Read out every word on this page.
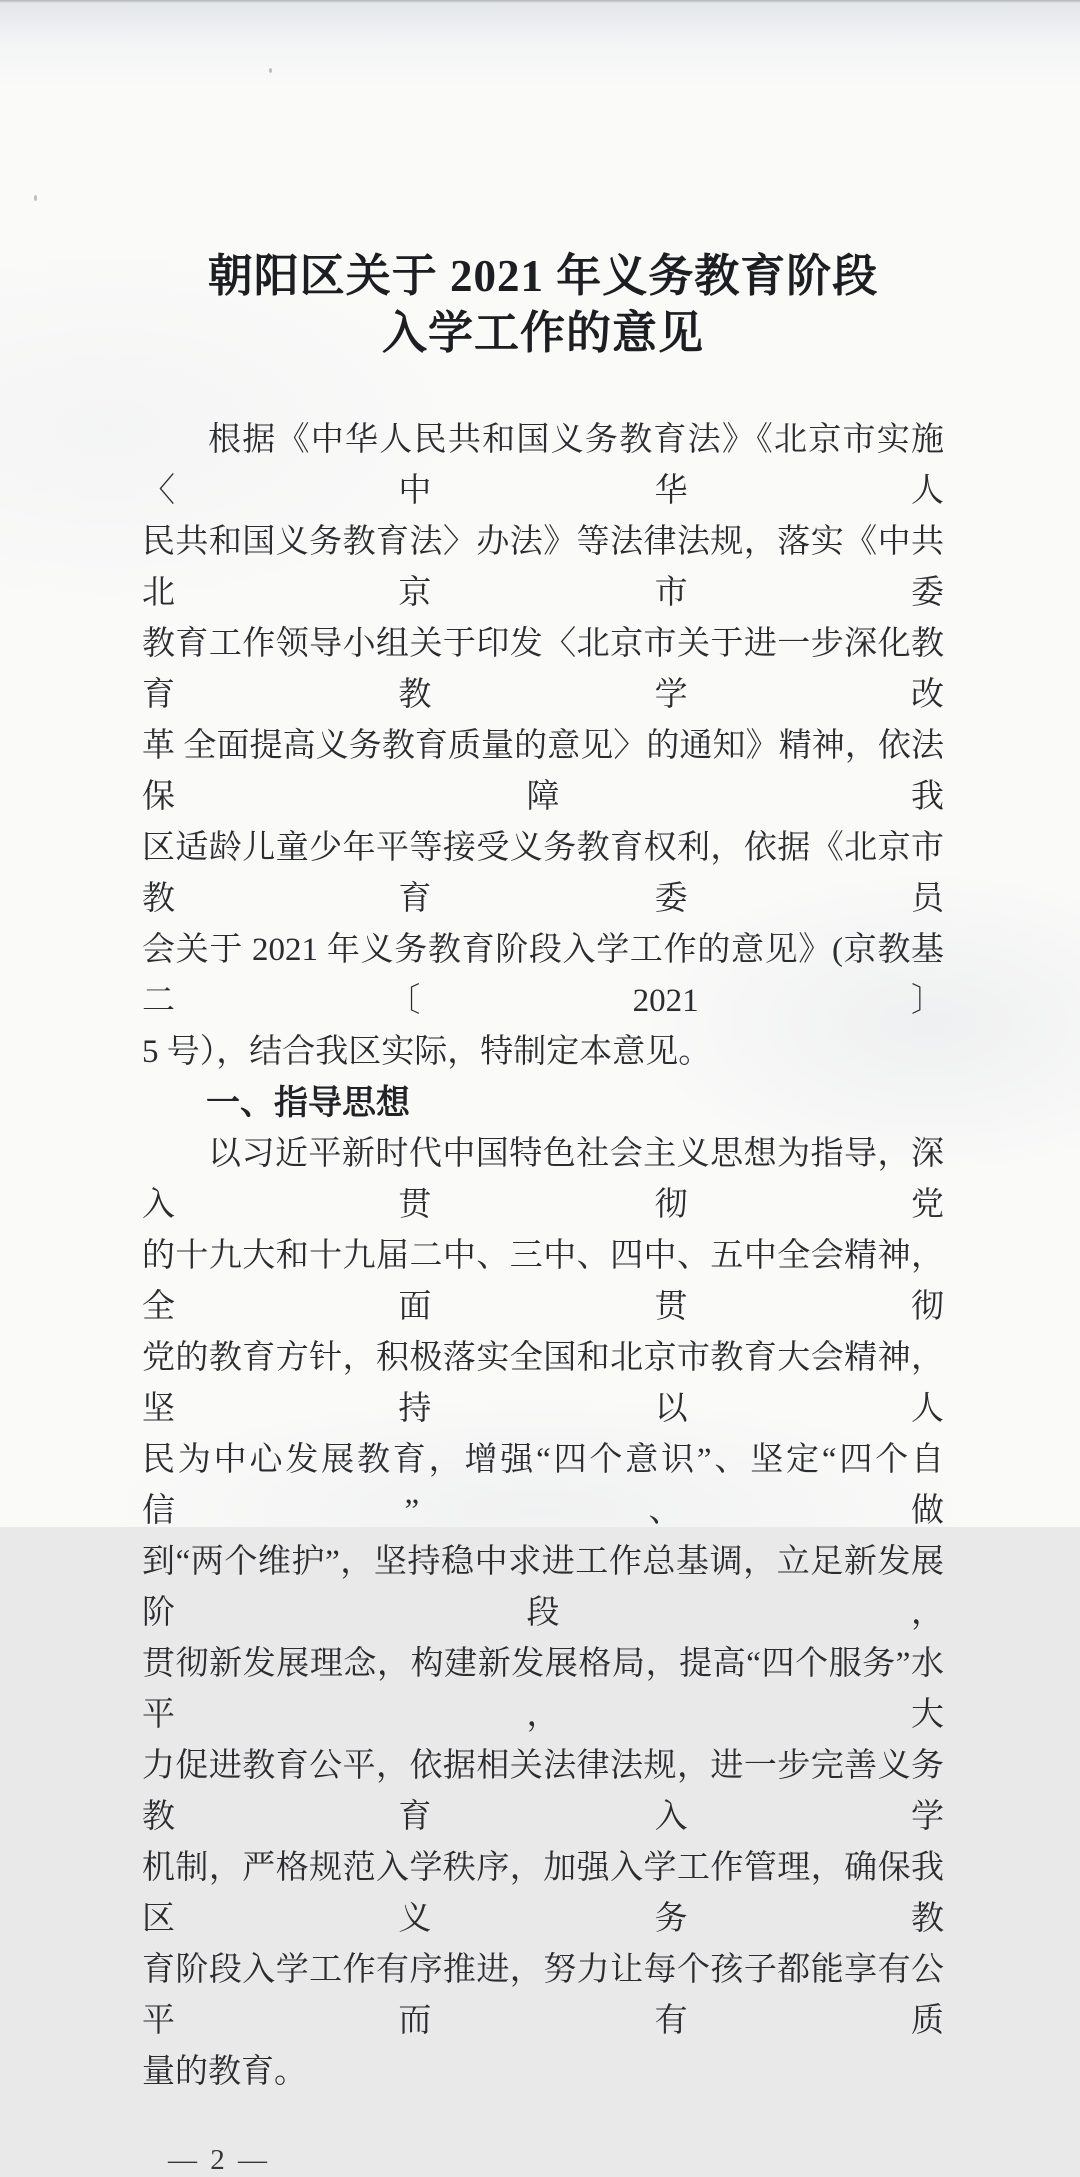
朝阳区关于 2021 年义务教育阶段
入学工作的意见
根据《中华人民共和国义务教育法》《北京市实施〈中华人
民共和国义务教育法〉办法》等法律法规，落实《中共北京市委
教育工作领导小组关于印发〈北京市关于进一步深化教育教学改
革 全面提高义务教育质量的意见〉的通知》精神，依法保障我
区适龄儿童少年平等接受义务教育权利，依据《北京市教育委员
会关于 2021 年义务教育阶段入学工作的意见》(京教基二〔2021〕
5 号），结合我区实际，特制定本意见。
一、指导思想
以习近平新时代中国特色社会主义思想为指导，深入贯彻党
的十九大和十九届二中、三中、四中、五中全会精神，全面贯彻
党的教育方针，积极落实全国和北京市教育大会精神，坚持以人
民为中心发展教育，增强“四个意识”、坚定“四个自信”、做
到“两个维护”，坚持稳中求进工作总基调，立足新发展阶段，
贯彻新发展理念，构建新发展格局，提高“四个服务”水平，大
力促进教育公平，依据相关法律法规，进一步完善义务教育入学
机制，严格规范入学秩序，加强入学工作管理，确保我区义务教
育阶段入学工作有序推进，努力让每个孩子都能享有公平而有质
量的教育。
— 2 —
